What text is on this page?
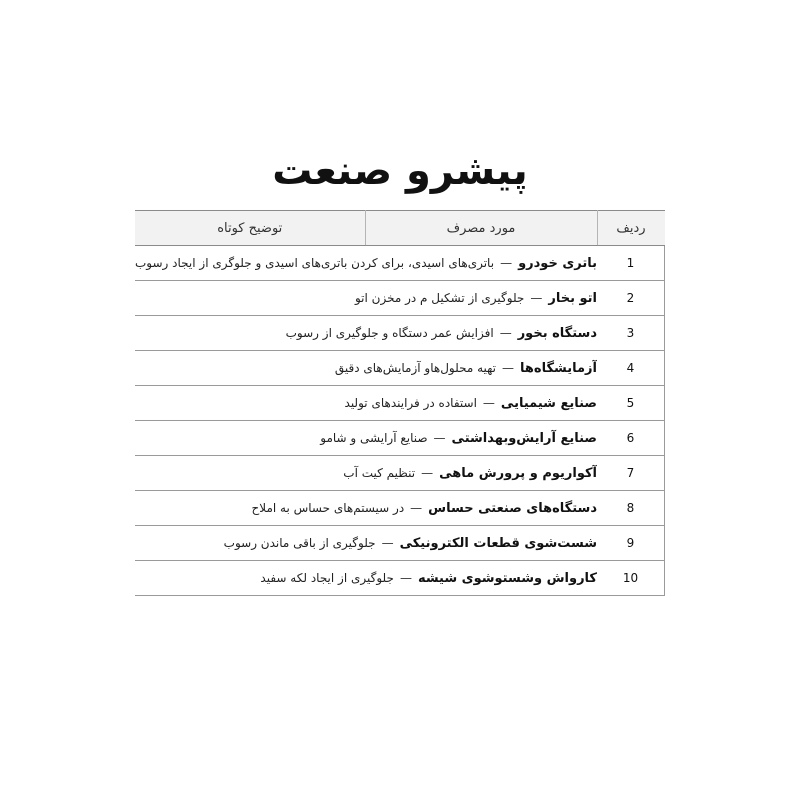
پیشرو صنعت
ردیف	مورد مصرف	توضیح کوتاه
1	باتری خودرو—باتری‌های اسیدی، برای کردن باتری‌های اسیدی و جلوگری از ایجاد رسوب	
2	اتو بخار—جلوگیری از تشکیل م در مخزن اتو	
3	دستگاه بخور—افزایش عمر دستگاه و جلوگیری از رسوب	
4	آزمایشگاه‌ها—تهیه محلول‌هاو آزمایش‌های دقیق	
5	صنایع شیمیایی—استفاده در فرایندهای تولید	
6	صنایع آرایش‌وبهداشتی—صنایع آرایشی و شامو	
7	آکواریوم و پرورش ماهی—تنظیم کیت آب	
8	دستگاه‌های صنعتی حساس—در سیستم‌های حساس به املاح	
9	شست‌شوی قطعات الکترونیکی—جلوگیری از باقی ماندن رسوب	
10	کارواش وشستوشوی شیشه—جلوگیری از ایجاد لکه سفید	
